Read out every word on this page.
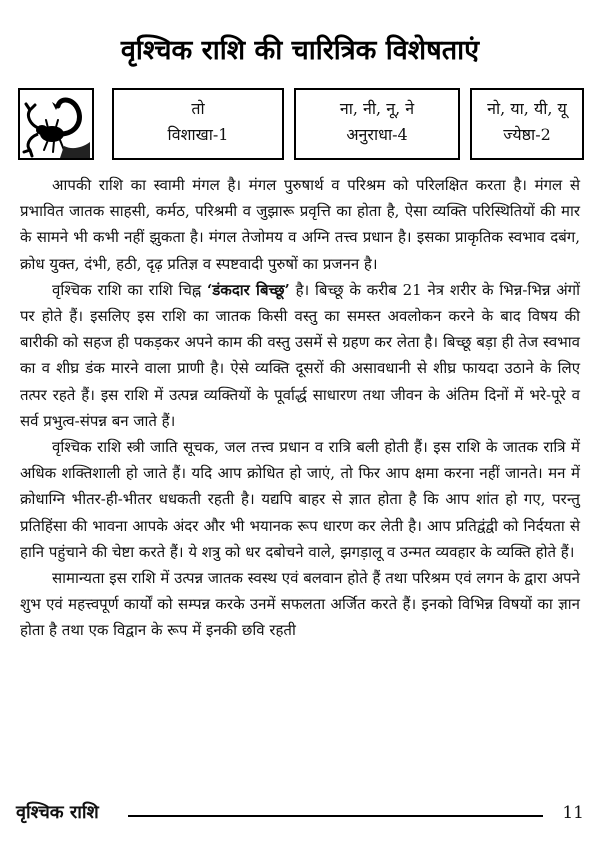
वृश्चिक राशि की चारित्रिक विशेषताएं
तो
विशाखा-1
ना, नी, नू, ने
अनुराधा-4
नो, या, यी, यू
ज्येष्ठा-2

आपकी राशि का स्वामी मंगल है। मंगल पुरुषार्थ व परिश्रम को परिलक्षित करता है। मंगल से प्रभावित जातक साहसी, कर्मठ, परिश्रमी व जुझारू प्रवृत्ति का होता है, ऐसा व्यक्ति परिस्थितियों की मार के सामने भी कभी नहीं झुकता है। मंगल तेजोमय व अग्नि तत्त्व प्रधान है। इसका प्राकृतिक स्वभाव दबंग, क्रोध युक्त, दंभी, हठी, दृढ़ प्रतिज्ञ व स्पष्टवादी पुरुषों का प्रजनन है।

वृश्चिक राशि का राशि चिह्न ‘डंकदार बिच्छू’ है। बिच्छू के करीब 21 नेत्र शरीर के भिन्न-भिन्न अंगों पर होते हैं। इसलिए इस राशि का जातक किसी वस्तु का समस्त अवलोकन करने के बाद विषय की बारीकी को सहज ही पकड़कर अपने काम की वस्तु उसमें से ग्रहण कर लेता है। बिच्छू बड़ा ही तेज स्वभाव का व शीघ्र डंक मारने वाला प्राणी है। ऐसे व्यक्ति दूसरों की असावधानी से शीघ्र फायदा उठाने के लिए तत्पर रहते हैं। इस राशि में उत्पन्न व्यक्तियों के पूर्वार्द्ध साधारण तथा जीवन के अंतिम दिनों में भरे-पूरे व सर्व प्रभुत्व-संपन्न बन जाते हैं।

वृश्चिक राशि स्त्री जाति सूचक, जल तत्त्व प्रधान व रात्रि बली होती हैं। इस राशि के जातक रात्रि में अधिक शक्तिशाली हो जाते हैं। यदि आप क्रोधित हो जाएं, तो फिर आप क्षमा करना नहीं जानते। मन में क्रोधाग्नि भीतर-ही-भीतर धधकती रहती है। यद्यपि बाहर से ज्ञात होता है कि आप शांत हो गए, परन्तु प्रतिहिंसा की भावना आपके अंदर और भी भयानक रूप धारण कर लेती है। आप प्रतिद्वंद्वी को निर्दयता से हानि पहुंचाने की चेष्टा करते हैं। ये शत्रु को धर दबोचने वाले, झगड़ालू व उन्मत व्यवहार के व्यक्ति होते हैं।

सामान्यता इस राशि में उत्पन्न जातक स्वस्थ एवं बलवान होते हैं तथा परिश्रम एवं लगन के द्वारा अपने शुभ एवं महत्त्वपूर्ण कार्यों को सम्पन्न करके उनमें सफलता अर्जित करते हैं। इनको विभिन्न विषयों का ज्ञान होता है तथा एक विद्वान के रूप में इनकी छवि रहती

वृश्चिक राशि	11
